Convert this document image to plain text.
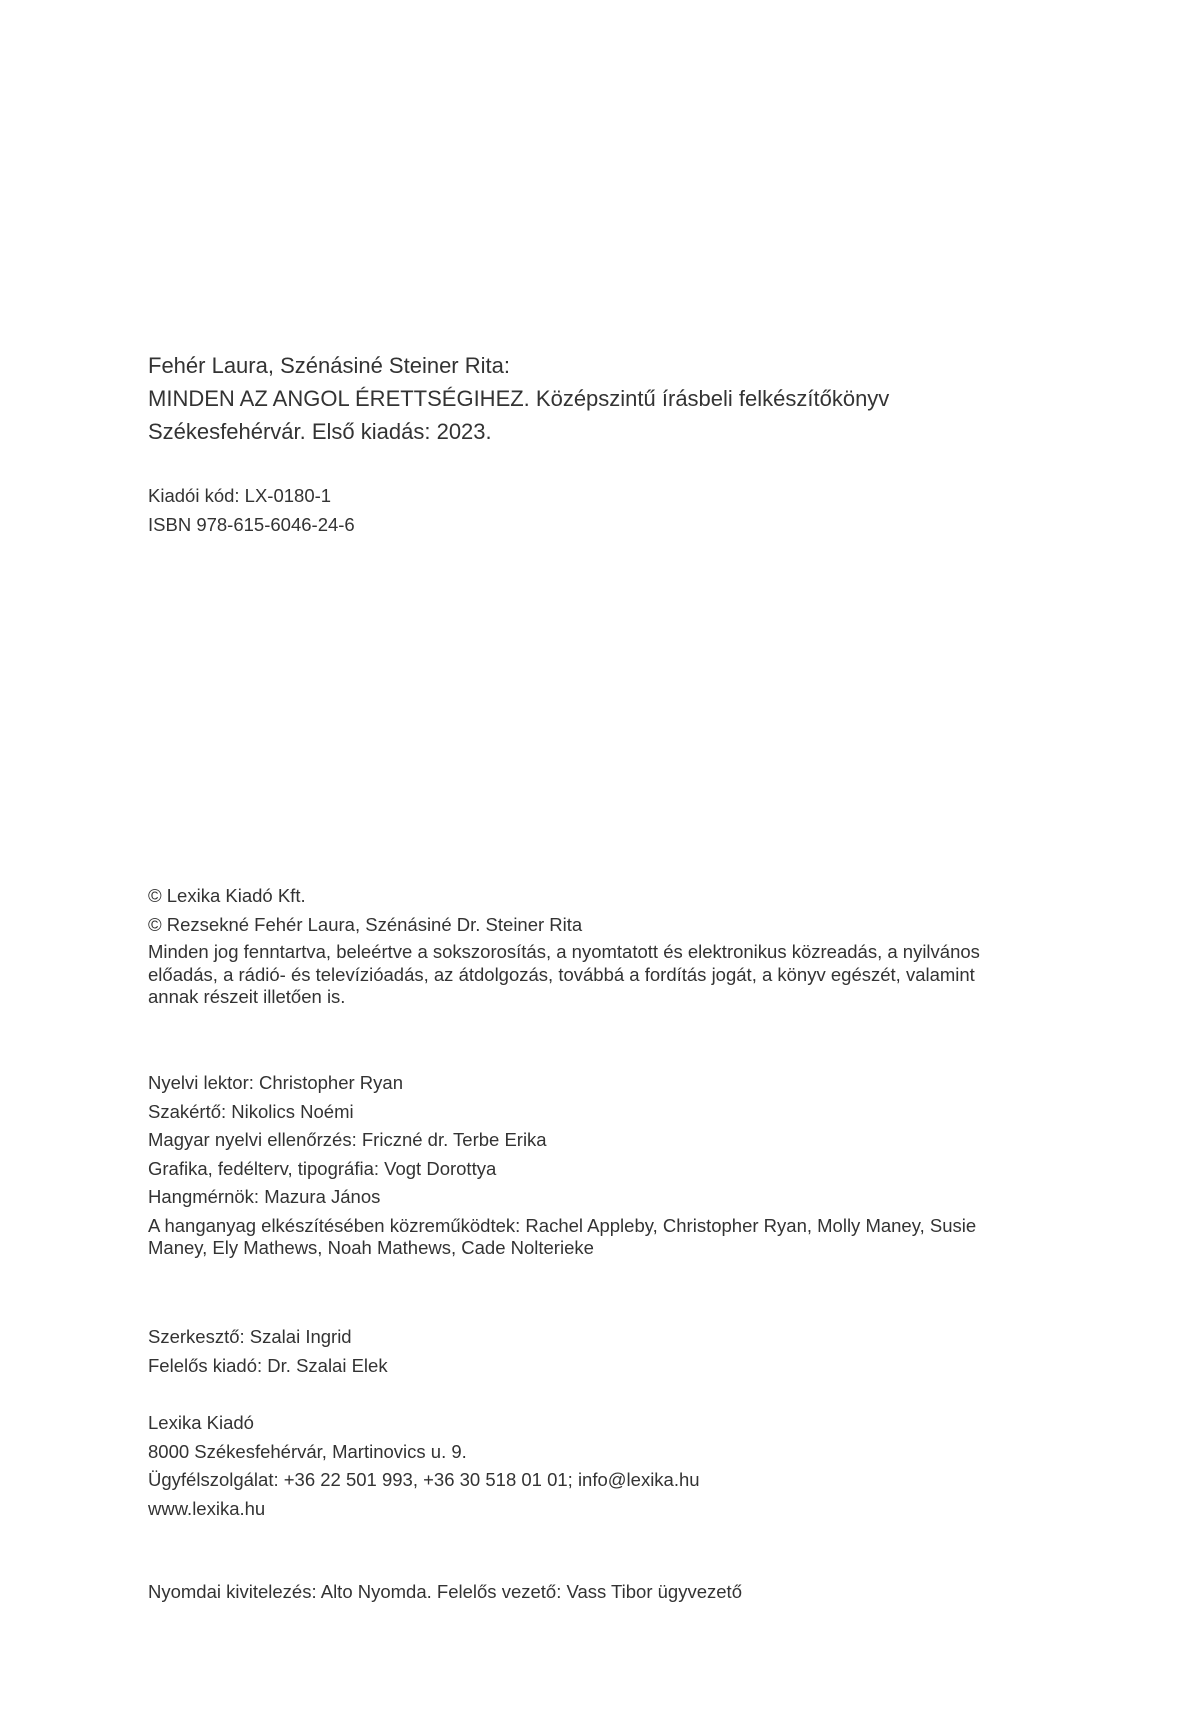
Fehér Laura, Szénásiné Steiner Rita:
MINDEN AZ ANGOL ÉRETTSÉGIHEZ. Középszintű írásbeli felkészítőkönyv
Székesfehérvár. Első kiadás: 2023.
Kiadói kód: LX-0180-1
ISBN 978-615-6046-24-6
© Lexika Kiadó Kft.
© Rezsekné Fehér Laura, Szénásiné Dr. Steiner Rita
Minden jog fenntartva, beleértve a sokszorosítás, a nyomtatott és elektronikus közreadás, a nyilvános előadás, a rádió- és televízióadás, az átdolgozás, továbbá a fordítás jogát, a könyv egészét, valamint annak részeit illetően is.
Nyelvi lektor: Christopher Ryan
Szakértő: Nikolics Noémi
Magyar nyelvi ellenőrzés: Friczné dr. Terbe Erika
Grafika, fedélterv, tipográfia: Vogt Dorottya
Hangmérnök: Mazura János
A hanganyag elkészítésében közreműködtek: Rachel Appleby, Christopher Ryan, Molly Maney, Susie Maney, Ely Mathews, Noah Mathews, Cade Nolterieke
Szerkesztő: Szalai Ingrid
Felelős kiadó: Dr. Szalai Elek
Lexika Kiadó
8000 Székesfehérvár, Martinovics u. 9.
Ügyfélszolgálat: +36 22 501 993, +36 30 518 01 01; info@lexika.hu
www.lexika.hu
Nyomdai kivitelezés: Alto Nyomda. Felelős vezető: Vass Tibor ügyvezető
